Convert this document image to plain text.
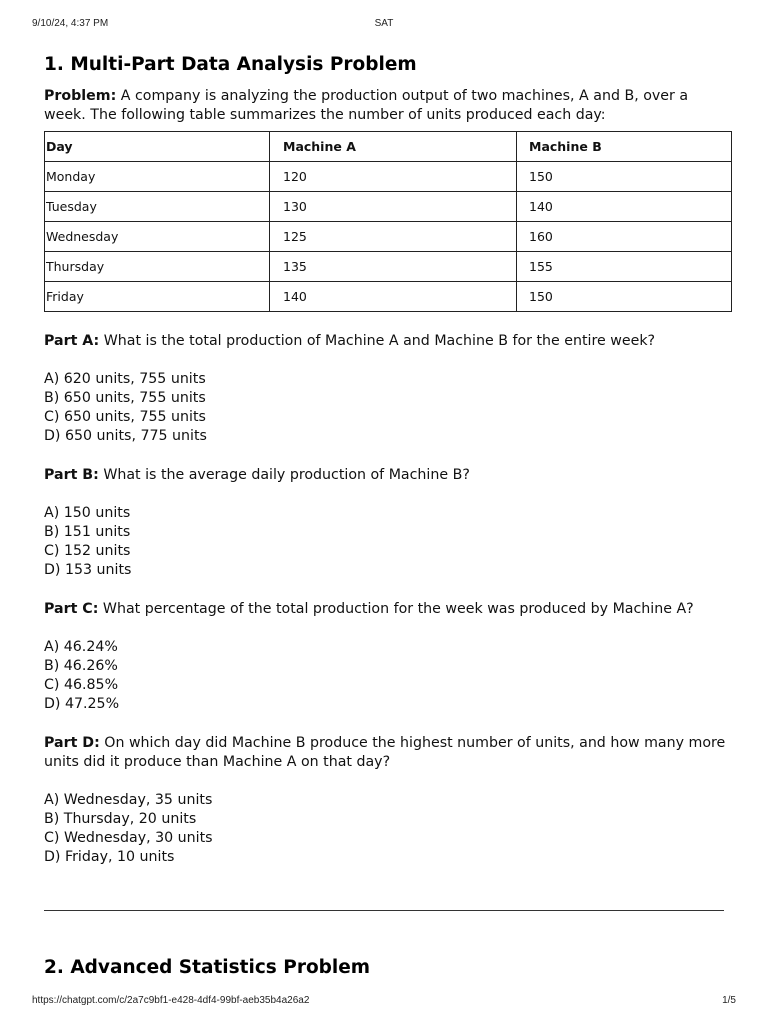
9/10/24, 4:37 PM	SAT
1. Multi-Part Data Analysis Problem

Problem: A company is analyzing the production output of two machines, A and B, over a week. The following table summarizes the number of units produced each day:

Day	Machine A	Machine B
Monday	120	150
Tuesday	130	140
Wednesday	125	160
Thursday	135	155
Friday	140	150

Part A: What is the total production of Machine A and Machine B for the entire week?

A) 620 units, 755 units
B) 650 units, 755 units
C) 650 units, 755 units
D) 650 units, 775 units

Part B: What is the average daily production of Machine B?

A) 150 units
B) 151 units
C) 152 units
D) 153 units

Part C: What percentage of the total production for the week was produced by Machine A?

A) 46.24%
B) 46.26%
C) 46.85%
D) 47.25%

Part D: On which day did Machine B produce the highest number of units, and how many more units did it produce than Machine A on that day?

A) Wednesday, 35 units
B) Thursday, 20 units
C) Wednesday, 30 units
D) Friday, 10 units
2. Advanced Statistics Problem
https://chatgpt.com/c/2a7c9bf1-e428-4df4-99bf-aeb35b4a26a2	1/5
